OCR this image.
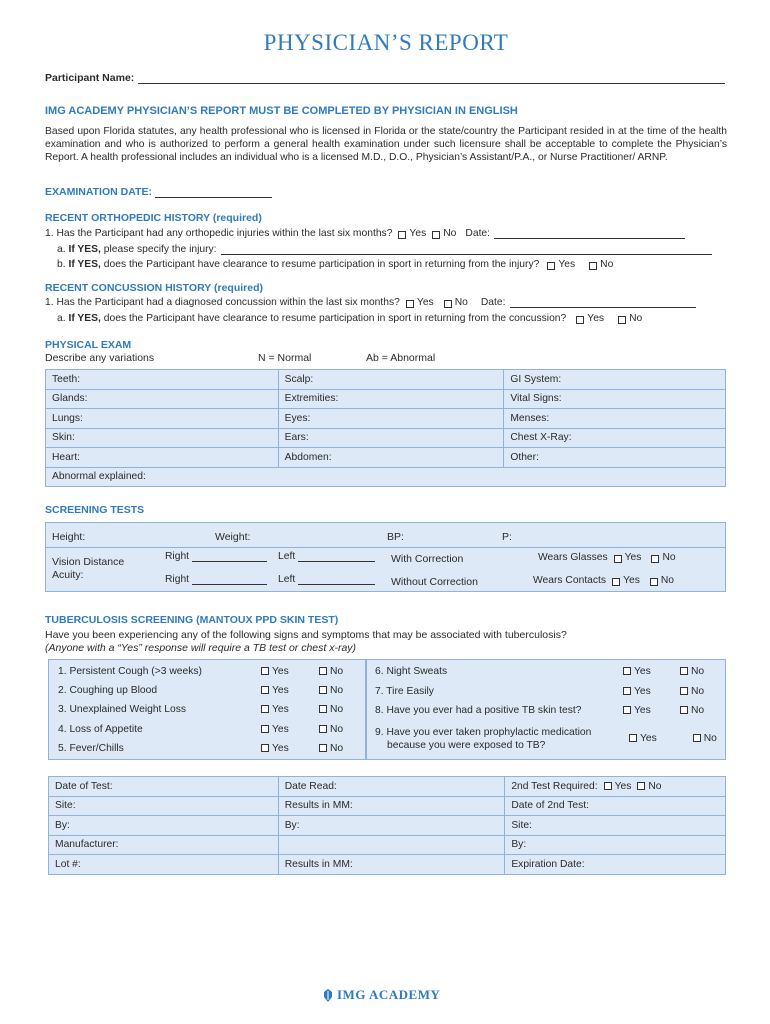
PHYSICIAN’S REPORT
Participant Name:
IMG ACADEMY PHYSICIAN’S REPORT MUST BE COMPLETED BY PHYSICIAN IN ENGLISH
Based upon Florida statutes, any health professional who is licensed in Florida or the state/country the Participant resided in at the time of the health examination and who is authorized to perform a general health examination under such licensure shall be acceptable to complete the Physician’s Report. A health professional includes an individual who is a licensed M.D., D.O., Physician’s Assistant/P.A., or Nurse Practitioner/ ARNP.
EXAMINATION DATE:
RECENT ORTHOPEDIC HISTORY (required)
1. Has the Participant had any orthopedic injuries within the last six months? Yes No Date:
a.
If YES,
please specify the injury:
b.
If YES,
does the Participant have clearance to resume participation in sport in returning from the injury? Yes No
RECENT CONCUSSION HISTORY (required)
1. Has the Participant had a diagnosed concussion within the last six months? Yes No Date:
a.
If YES,
does the Participant have clearance to resume participation in sport in returning from the concussion? Yes No
PHYSICAL EXAM
Describe any variations	N = Normal	Ab = Abnormal
Teeth:	Scalp:	GI System:
Glands:	Extremities:	Vital Signs:
Lungs:	Eyes:	Menses:
Skin:	Ears:	Chest X-Ray:
Heart:	Abdomen:	Other:
Abnormal explained:		
SCREENING TESTS
Height:	Weight:	BP:	P:
Vision Distance Acuity:
Right	Left	With Correction	Wears Glasses Yes No
Right	Left	Without Correction	Wears Contacts Yes No
TUBERCULOSIS SCREENING (MANTOUX PPD SKIN TEST)
Have you been experiencing any of the following signs and symptoms that may be associated with tuberculosis?
(Anyone with a “Yes” response will require a TB test or chest x-ray)
1. Persistent Cough (>3 weeks)	Yes	No
2. Coughing up Blood	Yes	No
3. Unexplained Weight Loss	Yes	No
4. Loss of Appetite	Yes	No
5. Fever/Chills	Yes	No
6. Night Sweats	Yes	No
7. Tire Easily	Yes	No
8. Have you ever had a positive TB skin test?	Yes	No
9. Have you ever taken prophylactic medication
because you were exposed to TB?
Yes	No
Date of Test:	Date Read:	2nd Test Required: Yes No
Site:	Results in MM:	Date of 2nd Test:
By:	By:	Site:
Manufacturer:		By:
Lot #:	Results in MM:	Expiration Date:
IMG ACADEMY
